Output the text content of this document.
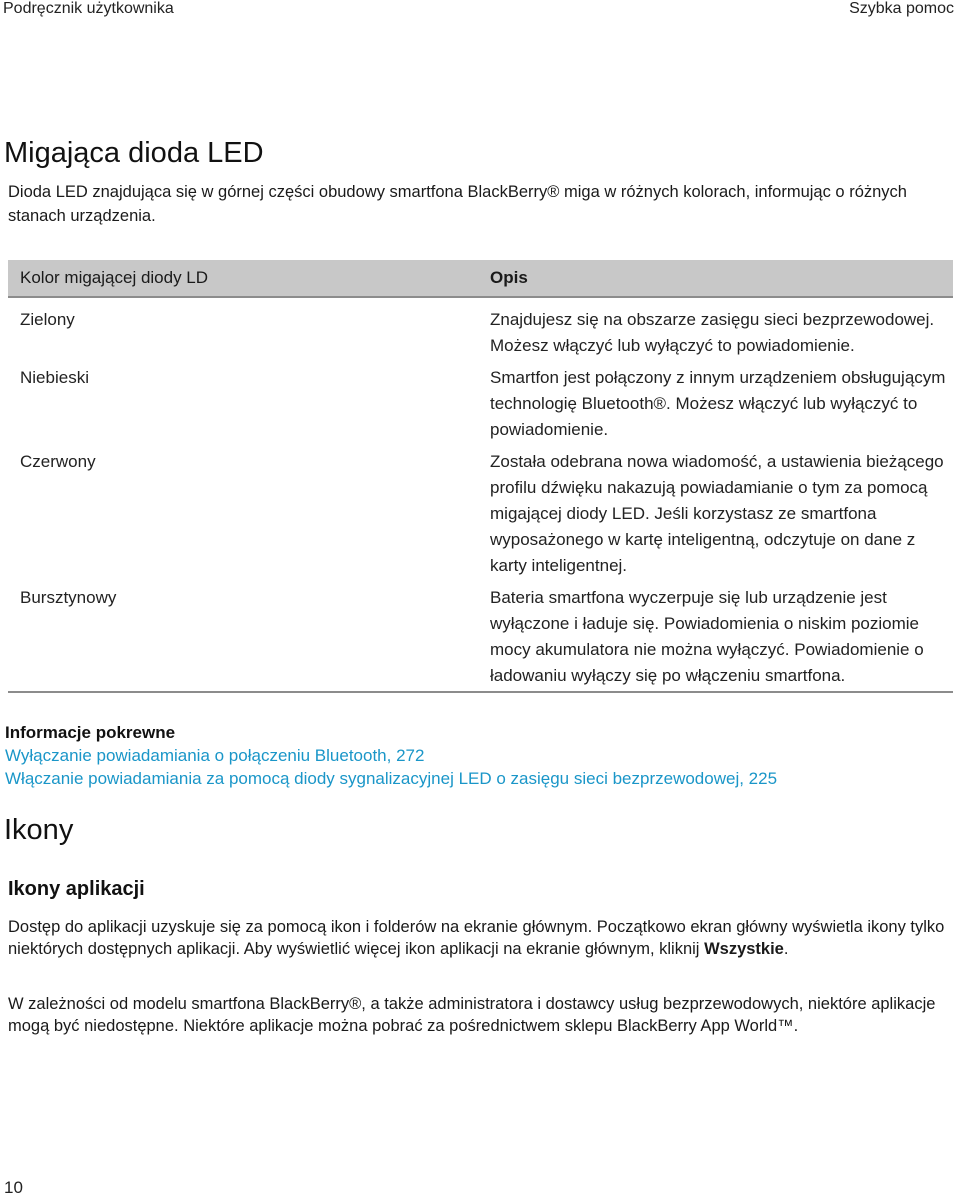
Podręcznik użytkownika	Szybka pomoc
Migająca dioda LED

Dioda LED znajdująca się w górnej części obudowy smartfona BlackBerry® miga w różnych kolorach, informując o różnych stanach urządzenia.

Kolor migającej diody LD	Opis
Zielony	Znajdujesz się na obszarze zasięgu sieci bezprzewodowej. Możesz włączyć lub wyłączyć to powiadomienie.
Niebieski	Smartfon jest połączony z innym urządzeniem obsługującym technologię Bluetooth®. Możesz włączyć lub wyłączyć to powiadomienie.
Czerwony	Została odebrana nowa wiadomość, a ustawienia bieżącego profilu dźwięku nakazują powiadamianie o tym za pomocą migającej diody LED. Jeśli korzystasz ze smartfona wyposażonego w kartę inteligentną, odczytuje on dane z karty inteligentnej.
Bursztynowy	Bateria smartfona wyczerpuje się lub urządzenie jest wyłączone i ładuje się. Powiadomienia o niskim poziomie mocy akumulatora nie można wyłączyć. Powiadomienie o ładowaniu wyłączy się po włączeniu smartfona.
Informacje pokrewne
Wyłączanie powiadamiania o połączeniu Bluetooth, 272
Włączanie powiadamiania za pomocą diody sygnalizacyjnej LED o zasięgu sieci bezprzewodowej, 225
Ikony
Ikony aplikacji

Dostęp do aplikacji uzyskuje się za pomocą ikon i folderów na ekranie głównym. Początkowo ekran główny wyświetla ikony tylko niektórych dostępnych aplikacji. Aby wyświetlić więcej ikon aplikacji na ekranie głównym, kliknij Wszystkie.

W zależności od modelu smartfona BlackBerry®, a także administratora i dostawcy usług bezprzewodowych, niektóre aplikacje mogą być niedostępne. Niektóre aplikacje można pobrać za pośrednictwem sklepu BlackBerry App World™.

10
